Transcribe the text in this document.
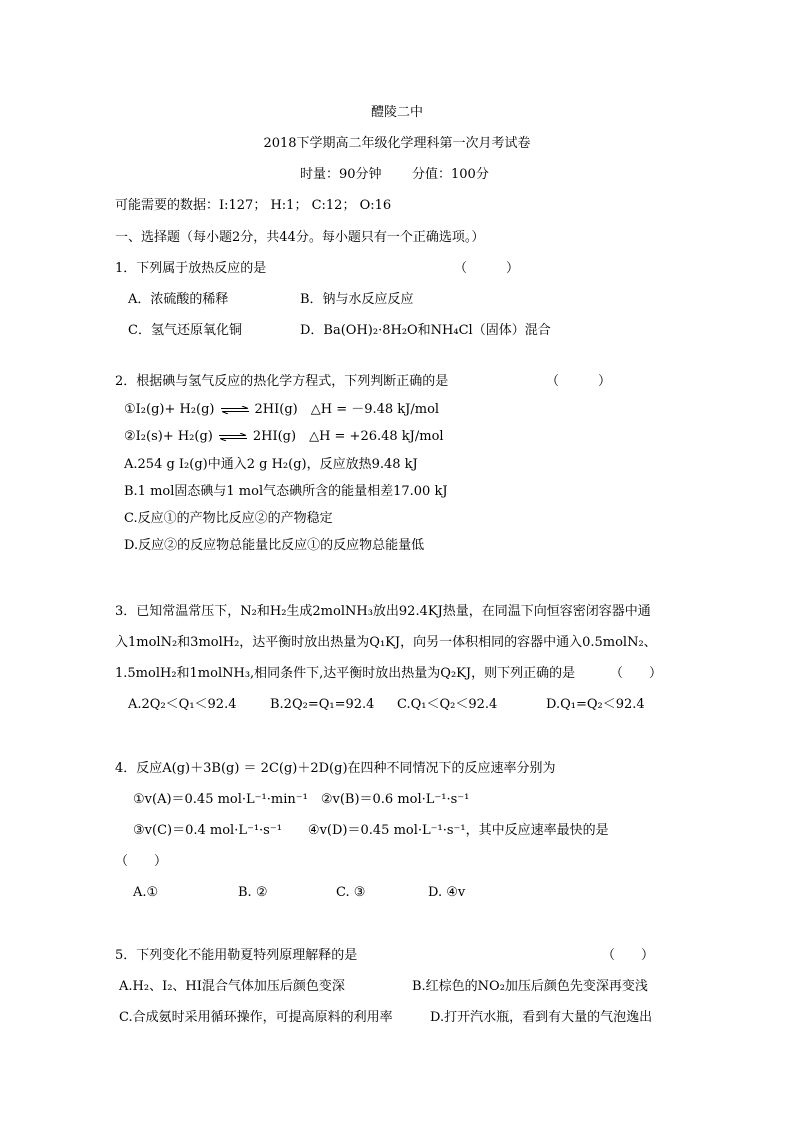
醴陵二中
2018下学期高二年级化学理科第一次月考试卷
时量：90分钟 分值：100分
可能需要的数据：I:127； H:1； C:12； O:16
一、选择题（每小题2分，共44分。每小题只有一个正确选项。）
1．下列属于放热反应的是	（　　　）
A．浓硫酸的稀释	B．钠与水反应反应
C．氢气还原氧化铜	D．Ba(OH)₂·8H₂O和NH₄Cl（固体）混合
2．根据碘与氢气反应的热化学方程式，下列判断正确的是	（　　　）
①I₂(g)+ H₂(g) ⇌ 2HI(g)　△H = －9.48 kJ/mol
②I₂(s)+ H₂(g) ⇌ 2HI(g)　△H = +26.48 kJ/mol
A.254 g I₂(g)中通入2 g H₂(g)，反应放热9.48 kJ
B.1 mol固态碘与1 mol气态碘所含的能量相差17.00 kJ
C.反应①的产物比反应②的产物稳定
D.反应②的反应物总能量比反应①的反应物总能量低
3．已知常温常压下，N₂和H₂生成2molNH₃放出92.4KJ热量，在同温下向恒容密闭容器中通
入1molN₂和3molH₂，达平衡时放出热量为Q₁KJ，向另一体积相同的容器中通入0.5molN₂、
1.5molH₂和1molNH₃,相同条件下,达平衡时放出热量为Q₂KJ，则下列正确的是	（　　）
A.2Q₂＜Q₁＜92.4	B.2Q₂=Q₁=92.4 C.Q₁＜Q₂＜92.4	D.Q₁=Q₂＜92.4
4．反应A(g)＋3B(g) ＝ 2C(g)＋2D(g)在四种不同情况下的反应速率分别为
①v(A)＝0.45 mol·L⁻¹·min⁻¹　②v(B)＝0.6 mol·L⁻¹·s⁻¹
③v(C)＝0.4 mol·L⁻¹·s⁻¹　　④v(D)＝0.45 mol·L⁻¹·s⁻¹，其中反应速率最快的是
（　　）
A.①	B. ②	C. ③	D. ④v
5．下列变化不能用勒夏特列原理解释的是	（　　）
A.H₂、I₂、HI混合气体加压后颜色变深	B.红棕色的NO₂加压后颜色先变深再变浅
C.合成氨时采用循环操作，可提高原料的利用率	D.打开汽水瓶，看到有大量的气泡逸出
